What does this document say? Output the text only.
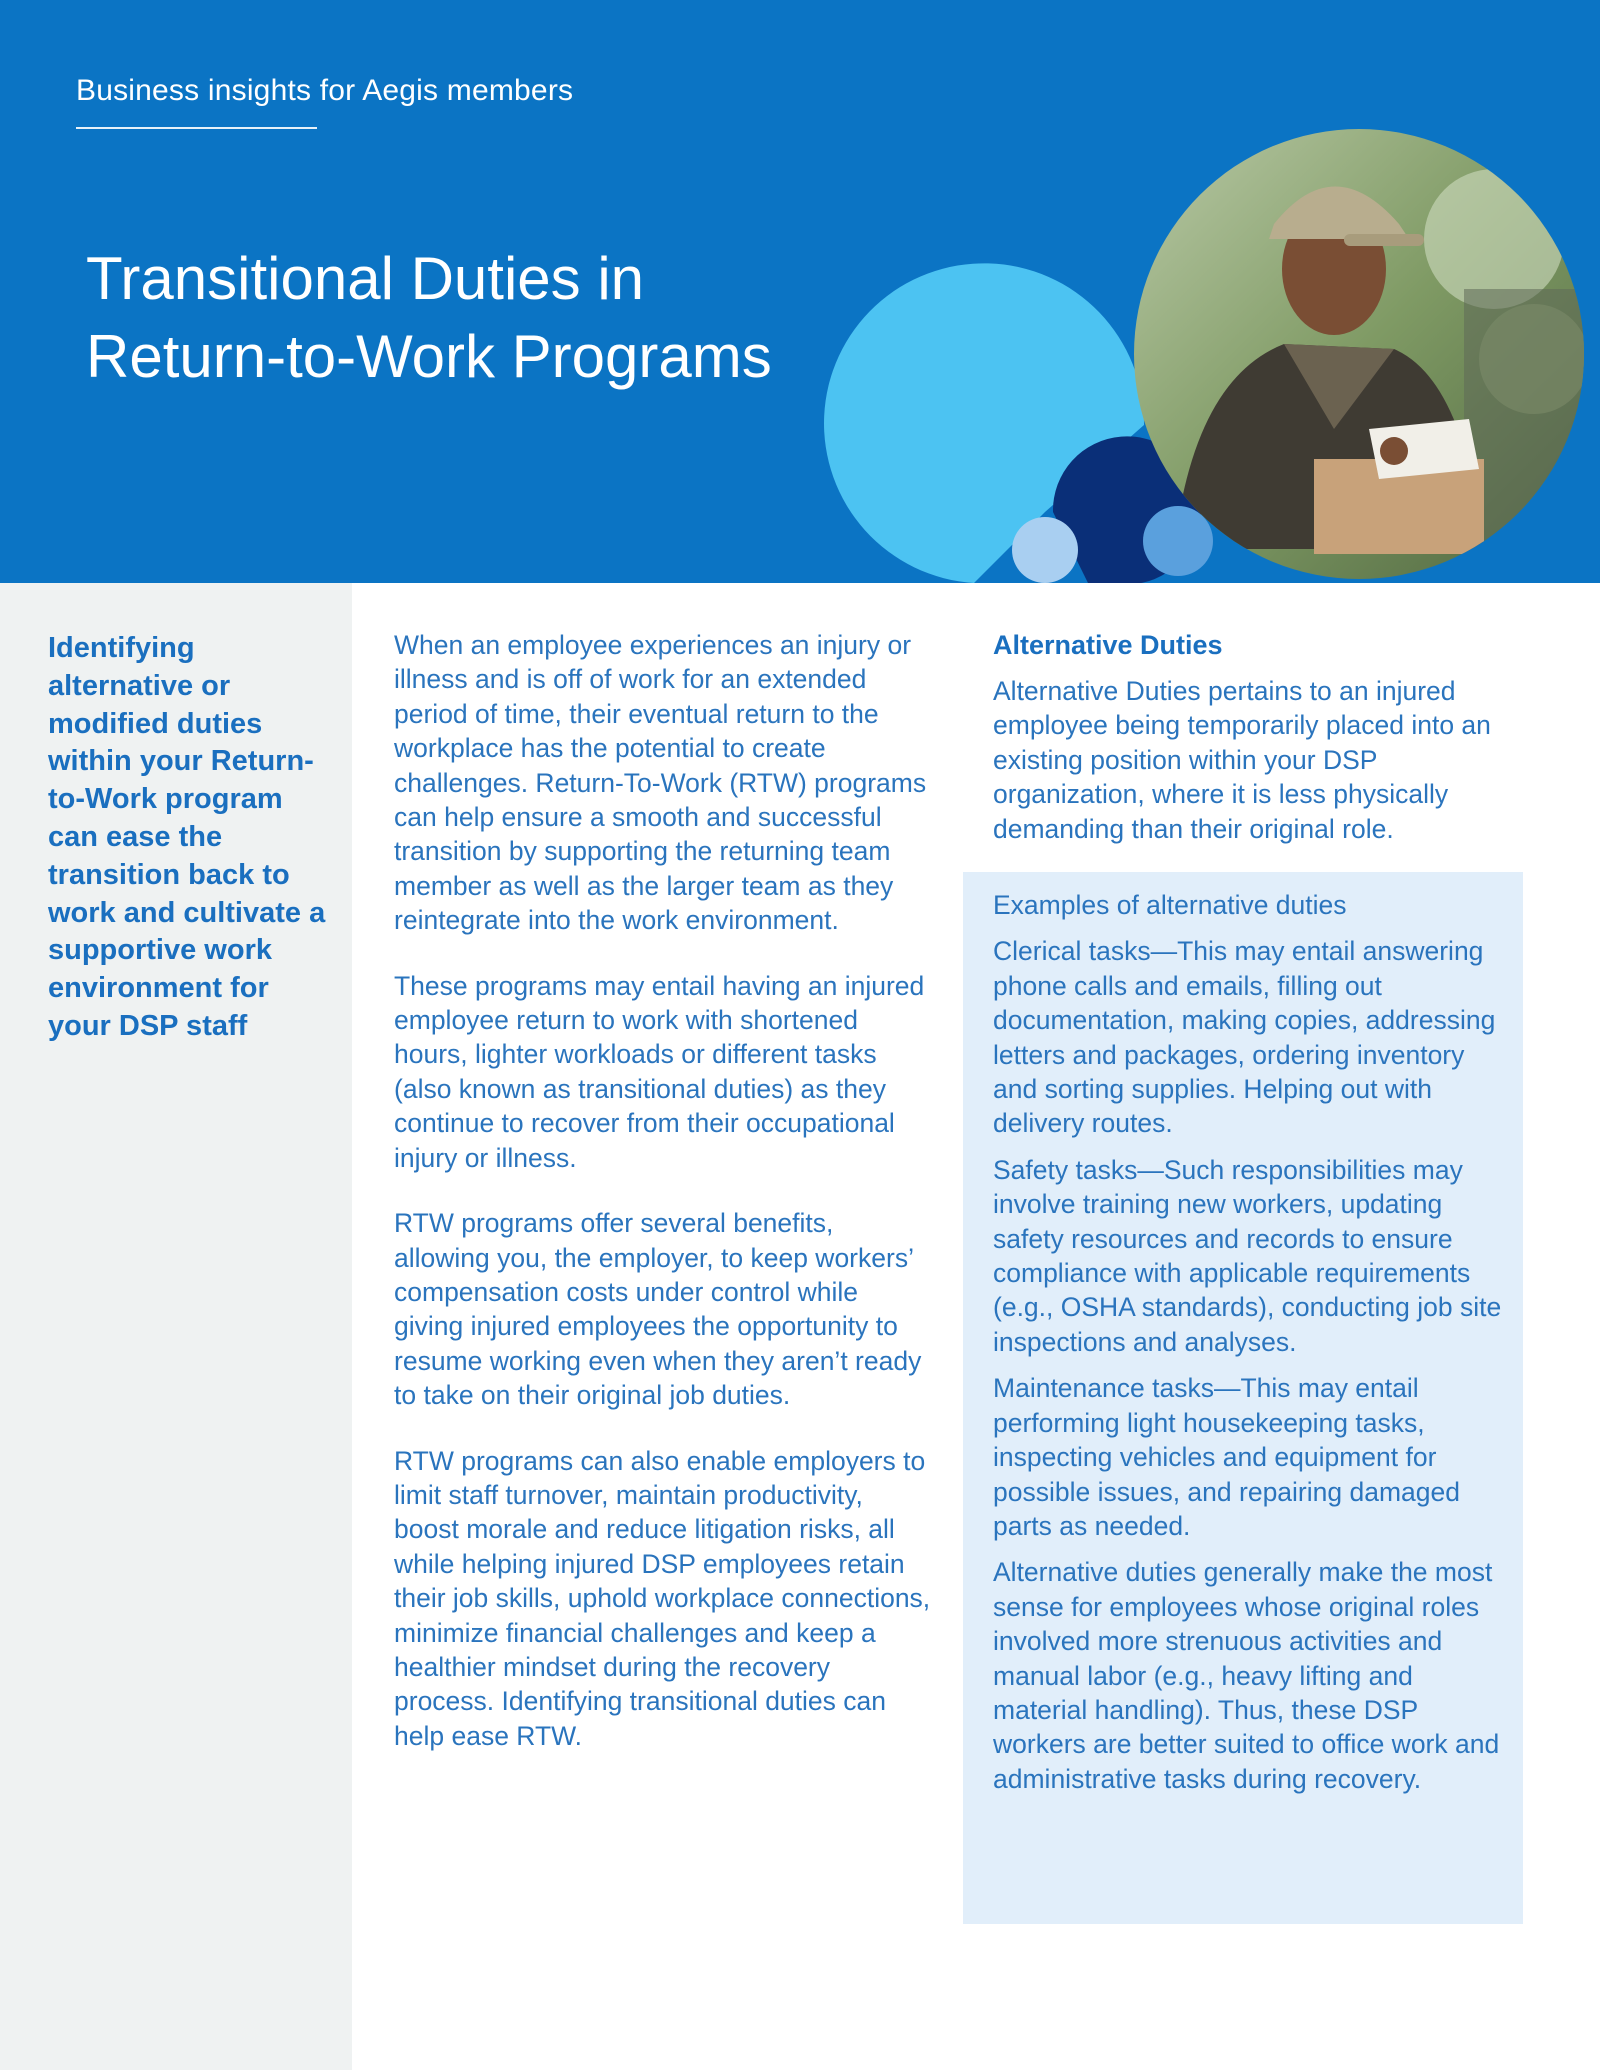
Business insights for Aegis members
Transitional Duties in
Return-to-Work Programs

Identifying alternative or modified duties within your Return-to-Work program can ease the transition back to work and cultivate a supportive work environment for your DSP staff

When an employee experiences an injury or illness and is off of work for an extended period of time, their eventual return to the workplace has the potential to create challenges. Return-To-Work (RTW) programs can help ensure a smooth and successful transition by supporting the returning team member as well as the larger team as they reintegrate into the work environment.

These programs may entail having an injured employee return to work with shortened hours, lighter workloads or different tasks (also known as transitional duties) as they continue to recover from their occupational injury or illness.

RTW programs offer several benefits, allowing you, the employer, to keep workers’ compensation costs under control while giving injured employees the opportunity to resume working even when they aren’t ready to take on their original job duties.

RTW programs can also enable employers to limit staff turnover, maintain productivity, boost morale and reduce litigation risks, all while helping injured DSP employees retain their job skills, uphold workplace connections, minimize financial challenges and keep a healthier mindset during the recovery process. Identifying transitional duties can help ease RTW.

Alternative Duties

Alternative Duties pertains to an injured employee being temporarily placed into an existing position within your DSP organization, where it is less physically demanding than their original role.

Examples of alternative duties

Clerical tasks—This may entail answering phone calls and emails, filling out documentation, making copies, addressing letters and packages, ordering inventory and sorting supplies. Helping out with delivery routes.

Safety tasks—Such responsibilities may involve training new workers, updating safety resources and records to ensure compliance with applicable requirements (e.g., OSHA standards), conducting job site inspections and analyses.

Maintenance tasks—This may entail performing light housekeeping tasks, inspecting vehicles and equipment for possible issues, and repairing damaged parts as needed.

Alternative duties generally make the most sense for employees whose original roles involved more strenuous activities and manual labor (e.g., heavy lifting and material handling). Thus, these DSP workers are better suited to office work and administrative tasks during recovery.
